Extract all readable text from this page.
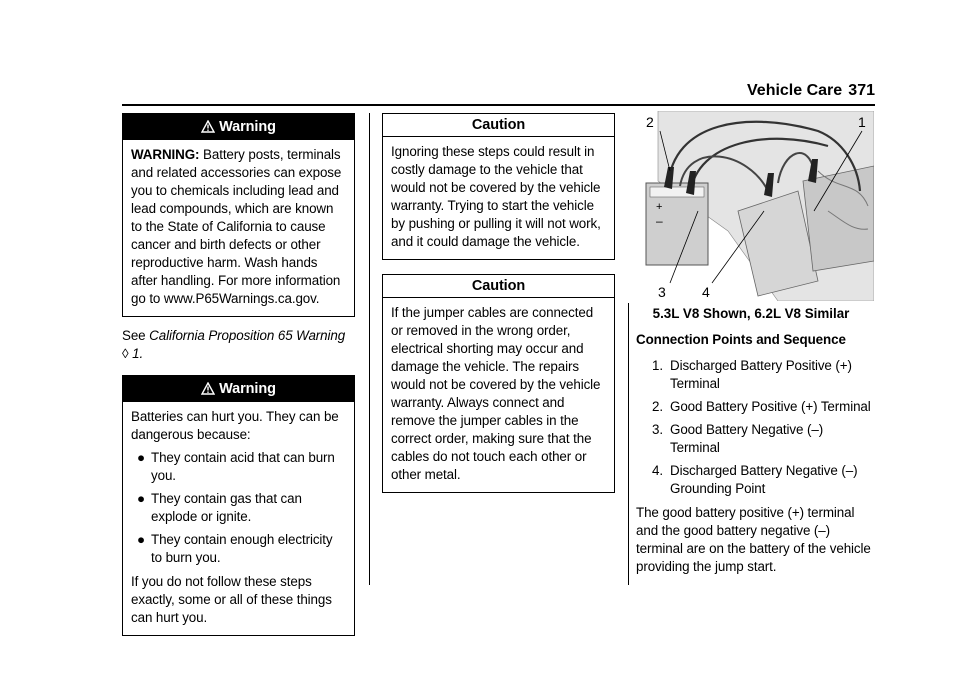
Vehicle Care 371
Warning

WARNING: Battery posts, terminals and related accessories can expose you to chemicals including lead and lead compounds, which are known to the State of California to cause cancer and birth defects or other reproductive harm. Wash hands after handling. For more information go to www.P65Warnings.ca.gov.

See California Proposition 65 Warning ◊ 1.

Warning

Batteries can hurt you. They can be dangerous because:

● They contain acid that can burn you.
● They contain gas that can explode or ignite.
● They contain enough electricity to burn you.

If you do not follow these steps exactly, some or all of these things can hurt you.

Caution

Ignoring these steps could result in costly damage to the vehicle that would not be covered by the vehicle warranty. Trying to start the vehicle by pushing or pulling it will not work, and it could damage the vehicle.

Caution

If the jumper cables are connected or removed in the wrong order, electrical shorting may occur and damage the vehicle. The repairs would not be covered by the vehicle warranty. Always connect and remove the jumper cables in the correct order, making sure that the cables do not touch each other or other metal.

+
–
2	1
3	4
5.3L V8 Shown, 6.2L V8 Similar

Connection Points and Sequence

1. Discharged Battery Positive (+) Terminal
2. Good Battery Positive (+) Terminal
3. Good Battery Negative (–) Terminal
4. Discharged Battery Negative (–) Grounding Point

The good battery positive (+) terminal and the good battery negative (–) terminal are on the battery of the vehicle providing the jump start.
